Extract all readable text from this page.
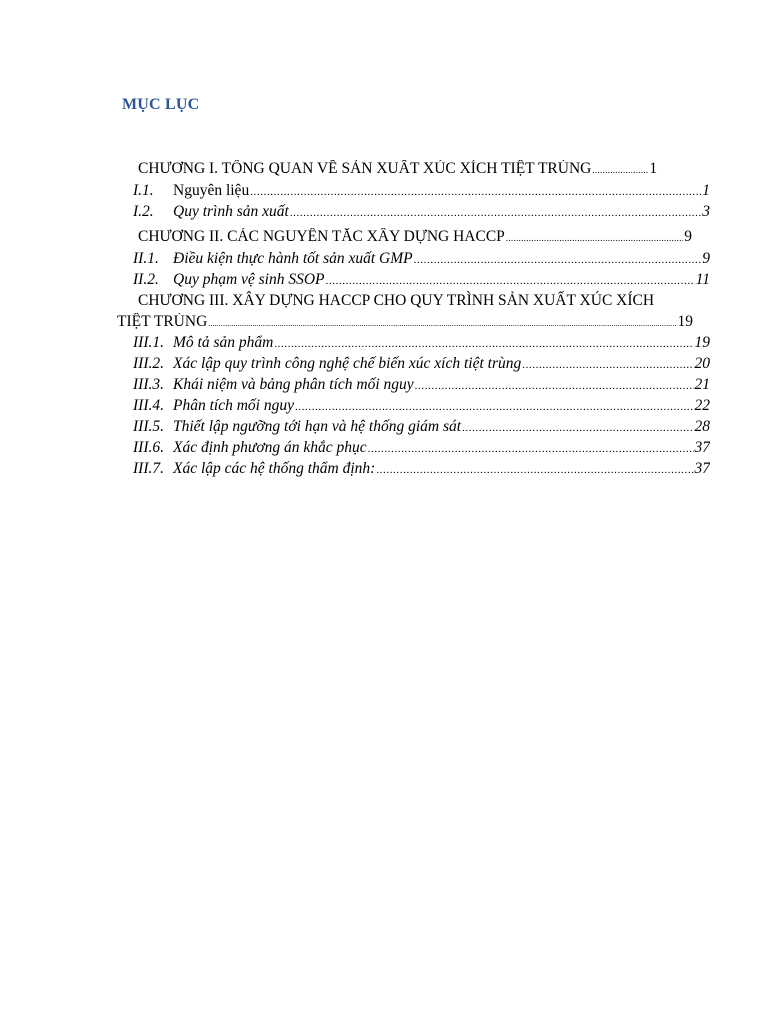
MỤC LỤC
CHƯƠNG I. TỔNG QUAN VỀ SẢN XUẤT XÚC XÍCH TIỆT TRÙNG .....	1
I.1.	Nguyên liệu .....	1
I.2.	Quy trình sản xuất .....	3
CHƯƠNG II. CÁC NGUYÊN TẮC XÂY DỰNG HACCP .....	9
II.1. Điều kiện thực hành tốt sản xuất GMP .....	9
II.2. Quy phạm vệ sinh SSOP .....	11
CHƯƠNG III. XÂY DỰNG HACCP CHO QUY TRÌNH SẢN XUẤT XÚC XÍCH
TIỆT TRÙNG .....	19
III.1. Mô tả sản phẩm .....	19
III.2. Xác lập quy trình công nghệ chế biến xúc xích tiệt trùng .....	20
III.3. Khái niệm và bảng phân tích mối nguy .....	21
III.4. Phân tích mối nguy .....	22
III.5. Thiết lập ngưỡng tới hạn và hệ thống giám sát .....	28
III.6. Xác định phương án khắc phục .....	37
III.7. Xác lập các hệ thống thẩm định: .....	37
